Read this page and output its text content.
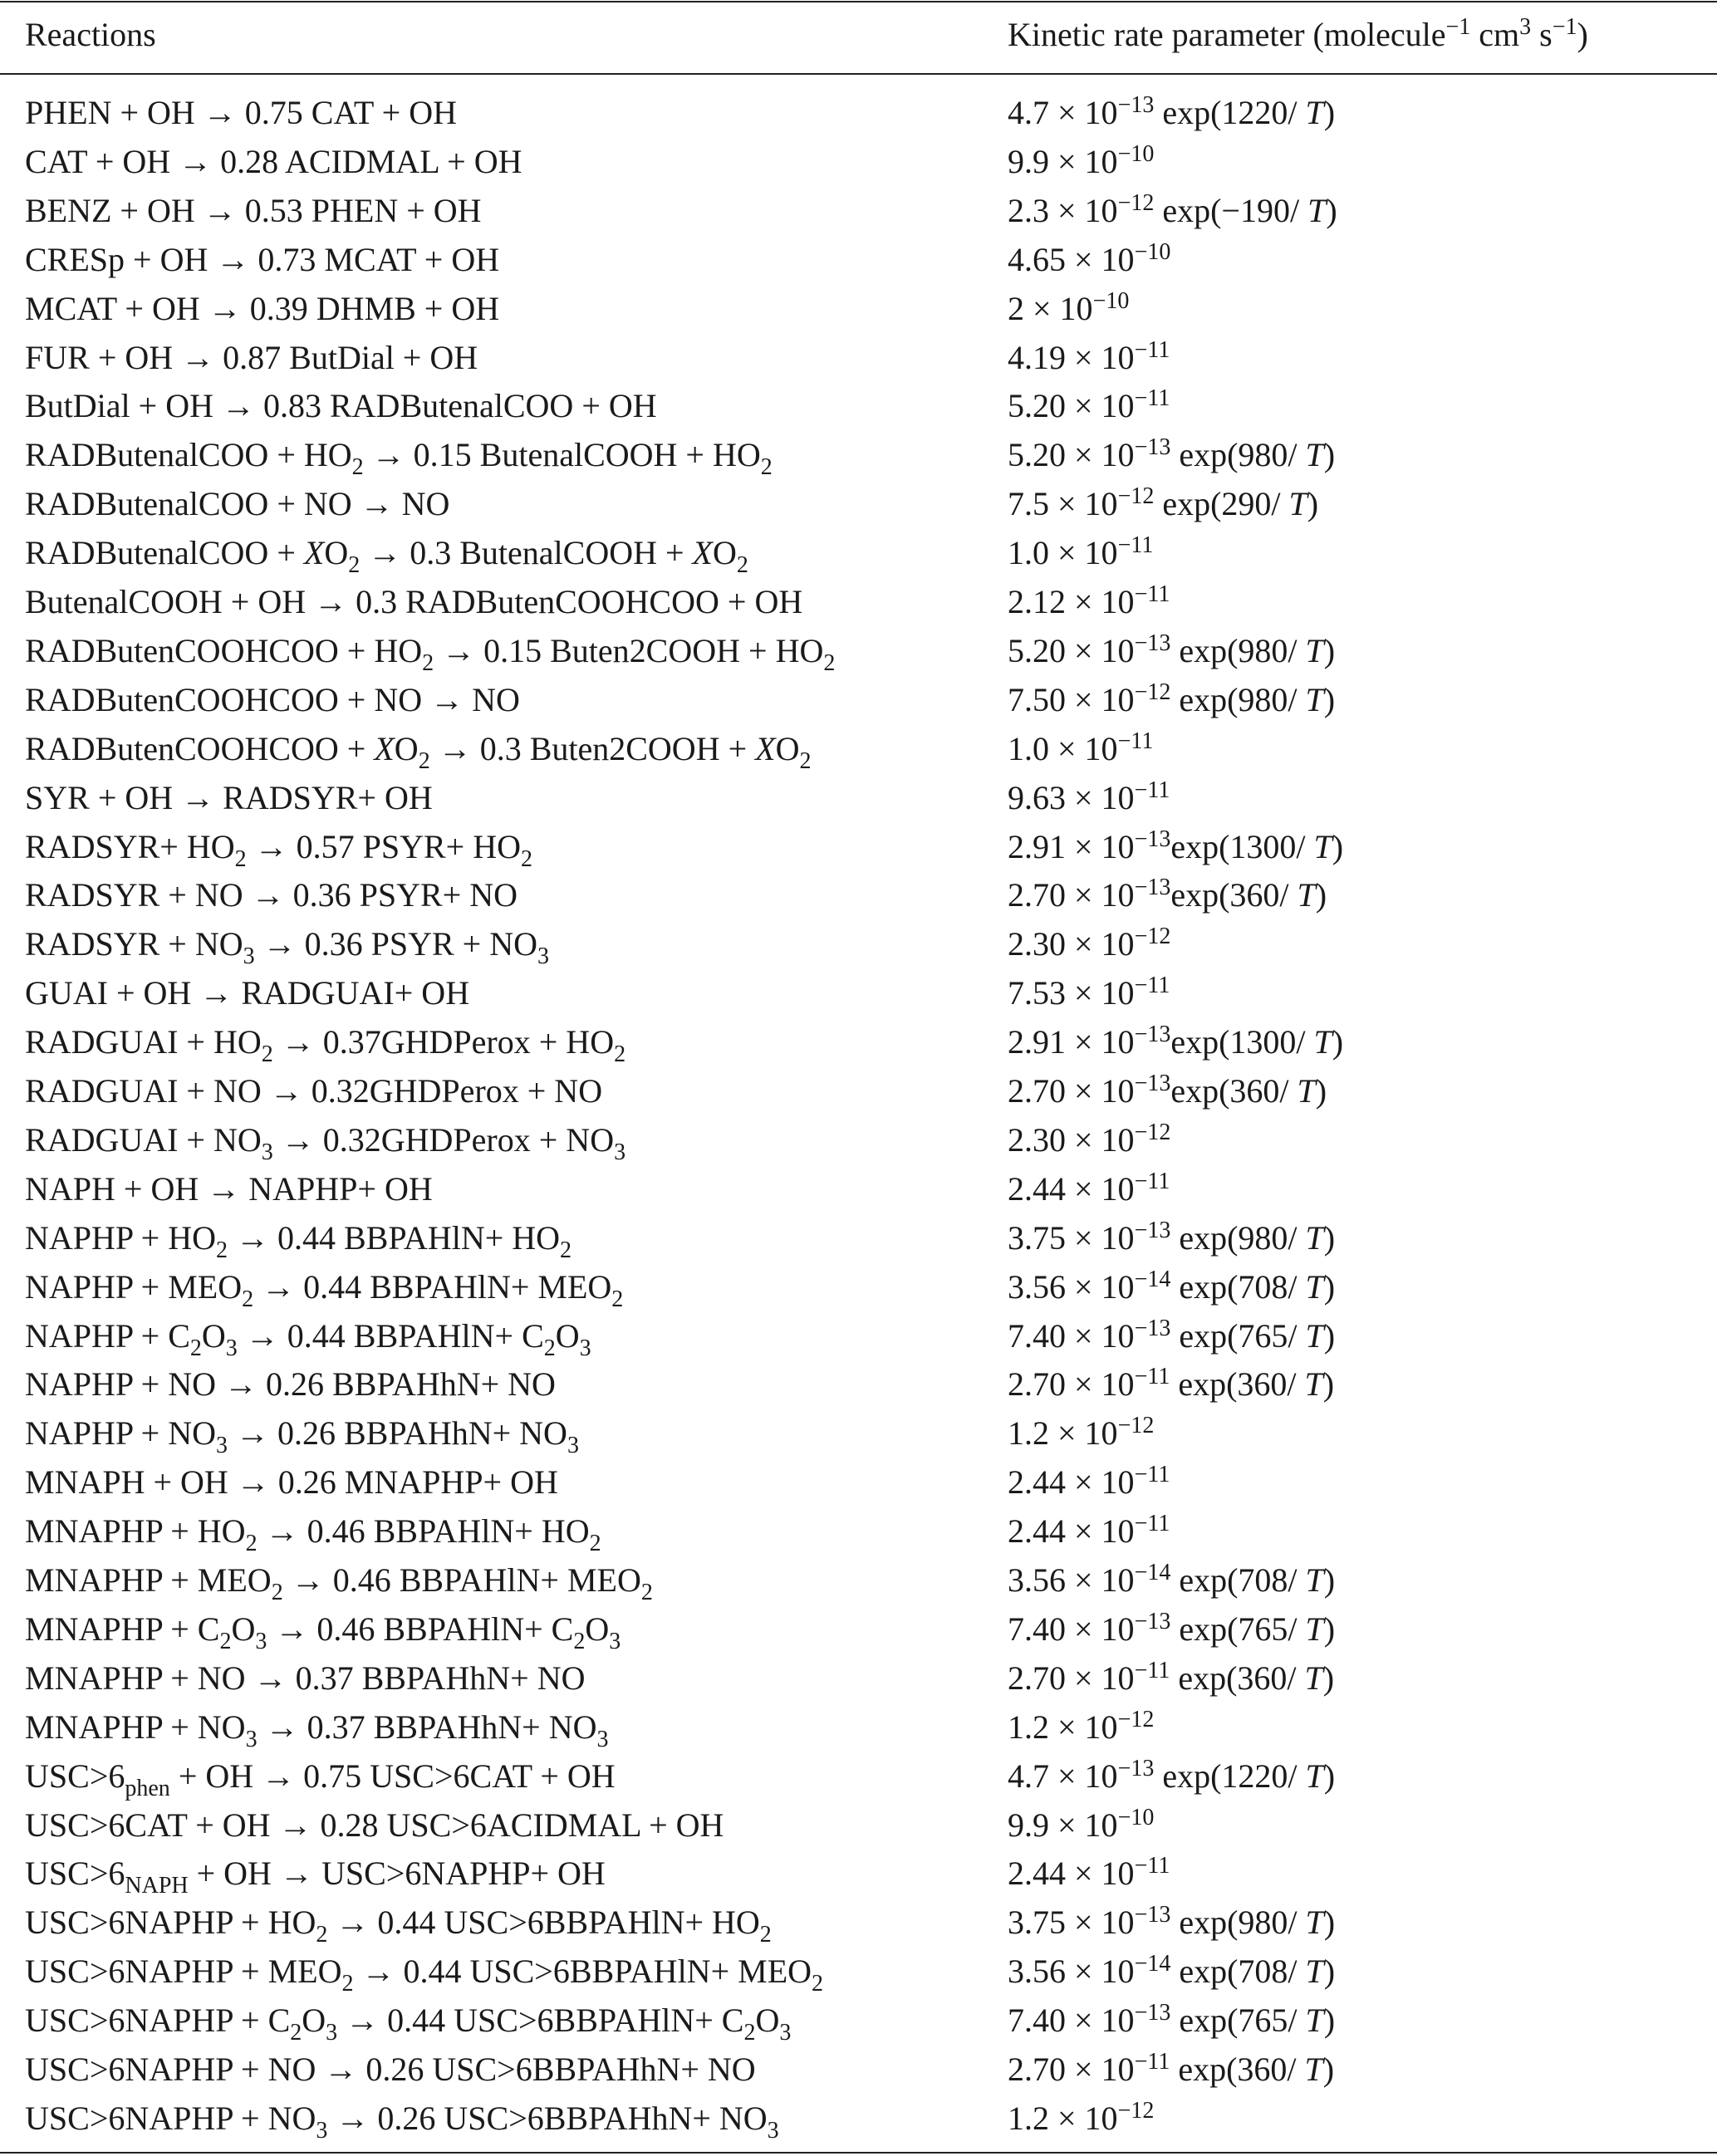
Reactions	Kinetic rate parameter (molecule$^{-1}$ $cm^3$ $s^{-1}$)
PHEN + OH → 0.75 CAT + OH	$4.7 \times 10^{-13}$ exp(1220/ T)
CAT + OH → 0.28 ACIDMAL + OH	$9.9 \times 10^{-10}$
BENZ + OH → 0.53 PHEN + OH	$2.3 \times 10^{-12}$ exp(−190/ T)
CRESp + OH → 0.73 MCAT + OH	$4.65 \times 10^{-10}$
MCAT + OH → 0.39 DHMB + OH	$2 \times 10^{-10}$
FUR + OH → 0.87 ButDial + OH	$4.19 \times 10^{-11}$
ButDial + OH → 0.83 RADButenalCOO + OH	$5.20 \times 10^{-11}$
RADButenalCOO + $HO_2 \to 0.15$ ButenalCOOH + $HO_2$	$5.20 \times 10^{-13}$ exp(980/ T)
RADButenalCOO + NO → NO	$7.5 \times 10^{-12}$ exp(290/ T)
RADButenalCOO + $XO_2 \to 0.3$ ButenalCOOH + $XO_2$	$1.0 \times 10^{-11}$
ButenalCOOH + OH → 0.3 RADButenCOOHCOO + OH	$2.12 \times 10^{-11}$
RADButenCOOHCOO + $HO_2 \to 0.15$ Buten2COOH + $HO_2$	$5.20 \times 10^{-13}$ exp(980/ T)
RADButenCOOHCOO + NO → NO	$7.50 \times 10^{-12}$ exp(980/ T)
RADButenCOOHCOO + $XO_2 \to 0.3$ Buten2COOH + $XO_2$	$1.0 \times 10^{-11}$
SYR + OH → RADSYR+ OH	$9.63 \times 10^{-11}$
RADSYR+ $HO_2 \to 0.57$ PSYR+ $HO_2$	$2.91 \times 10^{-13}\exp(1300/$ T)
RADSYR + NO → 0.36 PSYR+ NO	$2.70 \times 10^{-13}\exp(360/$ T)
RADSYR + $NO_3 \to 0.36$ PSYR + $NO_3$	$2.30 \times 10^{-12}$
GUAI + OH → RADGUAI+ OH	$7.53 \times 10^{-11}$
RADGUAI + $HO_2$ → 0.37GHDPerox + $HO_2$	$2.91 \times 10^{-13}\exp(1300/$ T)
RADGUAI + NO → 0.32GHDPerox + NO	$2.70 \times 10^{-13}\exp(360/$ T)
RADGUAI + $NO_3$ → 0.32GHDPerox + $NO_3$	$2.30 \times 10^{-12}$
NAPH + OH → NAPHP+ OH	$2.44 \times 10^{-11}$
NAPHP + $HO_2 \to 0.44$ BBPAHlN+ $HO_2$	$3.75 \times 10^{-13}$ exp(980/ T)
NAPHP + $MEO_2 \to 0.44$ BBPAHlN+ $MEO_2$	$3.56 \times 10^{-14}$ exp(708/ T)
NAPHP + $C_2O_3 \to 0.44$ BBPAHlN+ $C_2O_3$	$7.40 \times 10^{-13}$ exp(765/ T)
NAPHP + NO → 0.26 BBPAHhN+ NO	$2.70 \times 10^{-11}$ exp(360/ T)
NAPHP + $NO_3 \to 0.26$ BBPAHhN+ $NO_3$	$1.2 \times 10^{-12}$
MNAPH + OH → 0.26 MNAPHP+ OH	$2.44 \times 10^{-11}$
MNAPHP + $HO_2 \to 0.46$ BBPAHlN+ $HO_2$	$2.44 \times 10^{-11}$
MNAPHP + $MEO_2 \to 0.46$ BBPAHlN+ $MEO_2$	$3.56 \times 10^{-14}$ exp(708/ T)
MNAPHP + $C_2O_3 \to 0.46$ BBPAHlN+ $C_2O_3$	$7.40 \times 10^{-13}$ exp(765/ T)
MNAPHP + NO → 0.37 BBPAHhN+ NO	$2.70 \times 10^{-11}$ exp(360/ T)
MNAPHP + $NO_3 \to 0.37$ BBPAHhN+ $NO_3$	$1.2 \times 10^{-12}$
$USC>6_{phen}$ + OH → 0.75 USC>6CAT + OH	$4.7 \times 10^{-13}$ exp(1220/ T)
USC>6CAT + OH → 0.28 USC>6ACIDMAL + OH	$9.9 \times 10^{-10}$
$USC>6_{NAPH}$ + OH → USC>6NAPHP+ OH	$2.44 \times 10^{-11}$
USC>6NAPHP + $HO_2 \to 0.44$ USC>6BBPAHlN+ $HO_2$	$3.75 \times 10^{-13}$ exp(980/ T)
USC>6NAPHP + $MEO_2 \to 0.44$ USC>6BBPAHlN+ $MEO_2$	$3.56 \times 10^{-14}$ exp(708/ T)
USC>6NAPHP + $C_2O_3 \to 0.44$ USC>6BBPAHlN+ $C_2O_3$	$7.40 \times 10^{-13}$ exp(765/ T)
USC>6NAPHP + NO → 0.26 USC>6BBPAHhN+ NO	$2.70 \times 10^{-11}$ exp(360/ T)
USC>6NAPHP + $NO_3 \to 0.26$ USC>6BBPAHhN+ $NO_3$	$1.2 \times 10^{-12}$
